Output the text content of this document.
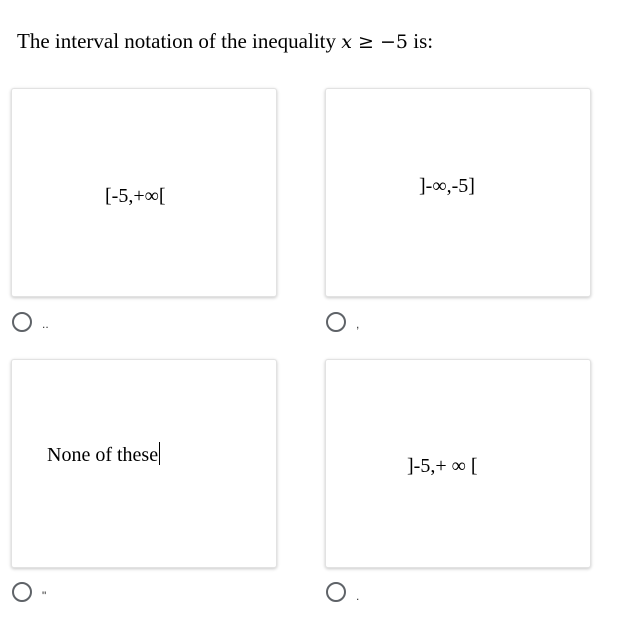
The interval notation of the inequality x ≥ −5 is:
[-5,+∞[
..
]-∞,-5]
,
None of these
"
]-5,+ ∞ [
.
